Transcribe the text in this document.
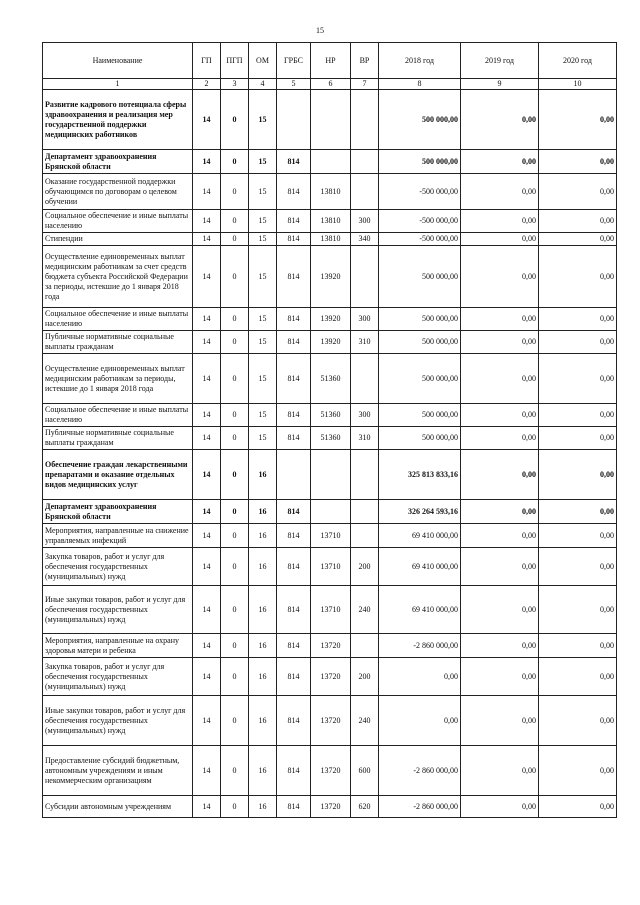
15
Наименование	ГП	ПГП	ОМ	ГРБС	НР	ВР	2018 год	2019 год	2020 год
1	2	3	4	5	6	7	8	9	10
Развитие кадрового потенциала сферы здравоохранения и реализация мер государственной поддержки медицинских работников	14	0	15				500 000,00	0,00	0,00
Департамент здравоохранения Брянской области	14	0	15	814			500 000,00	0,00	0,00
Оказание государственной поддержки обучающимся по договорам о целевом обучении	14	0	15	814	13810		-500 000,00	0,00	0,00
Социальное обеспечение и иные выплаты населению	14	0	15	814	13810	300	-500 000,00	0,00	0,00
Стипендии	14	0	15	814	13810	340	-500 000,00	0,00	0,00
Осуществление единовременных выплат медицинским работникам за счет средств бюджета субъекта Российской Федерации за периоды, истекшие до 1 января 2018 года	14	0	15	814	13920		500 000,00	0,00	0,00
Социальное обеспечение и иные выплаты населению	14	0	15	814	13920	300	500 000,00	0,00	0,00
Публичные нормативные социальные выплаты гражданам	14	0	15	814	13920	310	500 000,00	0,00	0,00
Осуществление единовременных выплат медицинским работникам за периоды, истекшие до 1 января 2018 года	14	0	15	814	51360		500 000,00	0,00	0,00
Социальное обеспечение и иные выплаты населению	14	0	15	814	51360	300	500 000,00	0,00	0,00
Публичные нормативные социальные выплаты гражданам	14	0	15	814	51360	310	500 000,00	0,00	0,00
Обеспечение граждан лекарственными препаратами и оказание отдельных видов медицинских услуг	14	0	16				325 813 833,16	0,00	0,00
Департамент здравоохранения Брянской области	14	0	16	814			326 264 593,16	0,00	0,00
Мероприятия, направленные на снижение управляемых инфекций	14	0	16	814	13710		69 410 000,00	0,00	0,00
Закупка товаров, работ и услуг для обеспечения государственных (муниципальных) нужд	14	0	16	814	13710	200	69 410 000,00	0,00	0,00
Иные закупки товаров, работ и услуг для обеспечения государственных (муниципальных) нужд	14	0	16	814	13710	240	69 410 000,00	0,00	0,00
Мероприятия, направленные на охрану здоровья матери и ребенка	14	0	16	814	13720		-2 860 000,00	0,00	0,00
Закупка товаров, работ и услуг для обеспечения государственных (муниципальных) нужд	14	0	16	814	13720	200	0,00	0,00	0,00
Иные закупки товаров, работ и услуг для обеспечения государственных (муниципальных) нужд	14	0	16	814	13720	240	0,00	0,00	0,00
Предоставление субсидий бюджетным, автономным учреждениям и иным некоммерческим организациям	14	0	16	814	13720	600	-2 860 000,00	0,00	0,00
Субсидии автономным учреждениям	14	0	16	814	13720	620	-2 860 000,00	0,00	0,00
